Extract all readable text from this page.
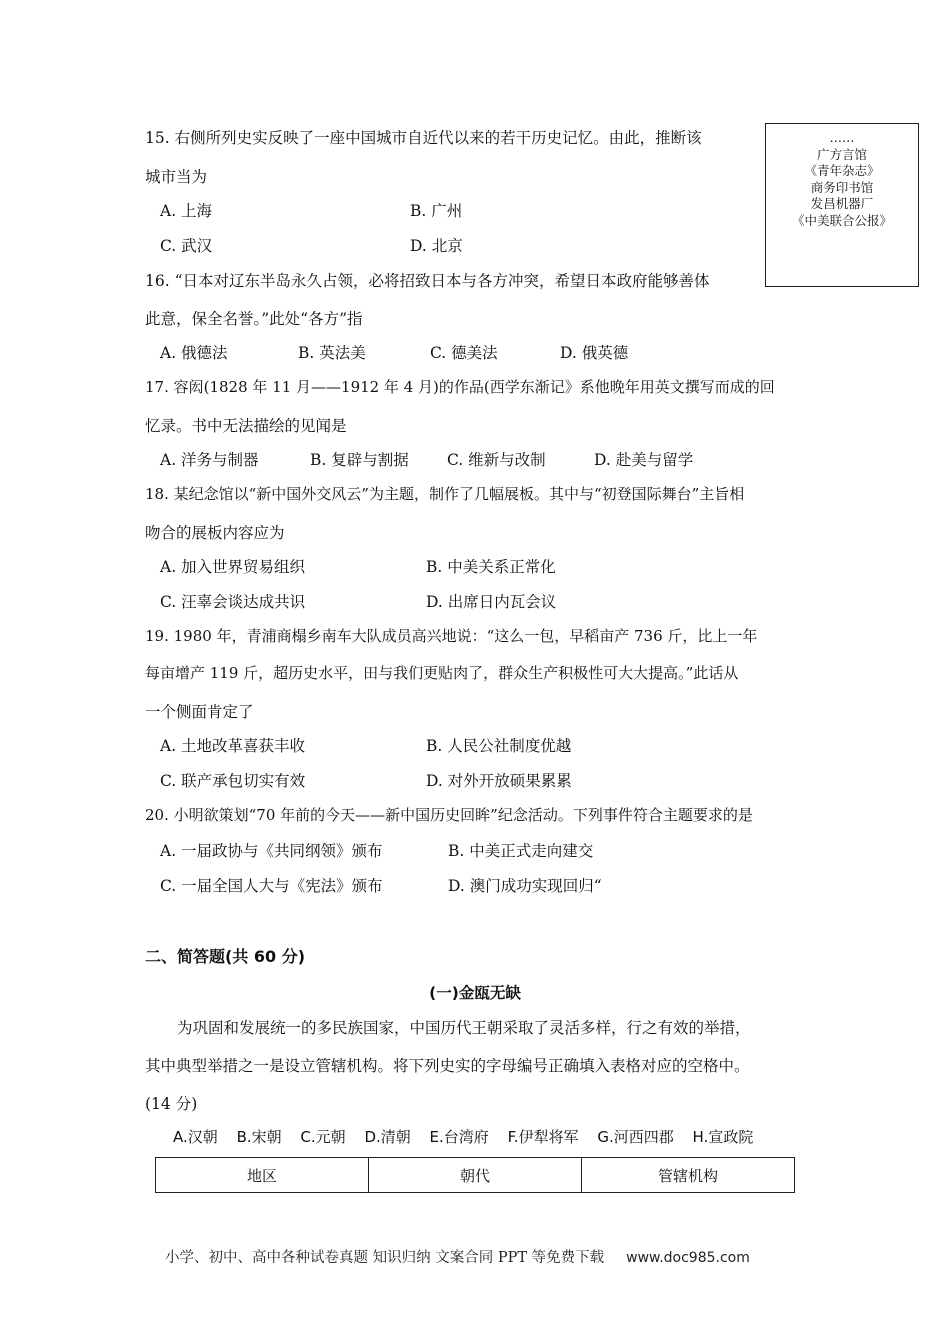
15. 右侧所列史实反映了一座中国城市自近代以来的若干历史记忆。由此，推断该
城市当为
A. 上海	B. 广州
C. 武汉	D. 北京
……
广方言馆
《青年杂志》
商务印书馆
发昌机器厂
《中美联合公报》
16. “日本对辽东半岛永久占领，必将招致日本与各方冲突，希望日本政府能够善体
此意，保全名誉。”此处“各方”指
A. 俄德法	B. 英法美	C. 德美法	D. 俄英德
17. 容闳(1828 年 11 月——1912 年 4 月)的作品(西学东渐记》系他晚年用英文撰写而成的回
忆录。书中无法描绘的见闻是
A. 洋务与制器	B. 复辟与割据 C. 维新与改制	D. 赴美与留学
18. 某纪念馆以“新中国外交风云”为主题，制作了几幅展板。其中与“初登国际舞台”主旨相
吻合的展板内容应为
A. 加入世界贸易组织	B. 中美关系正常化
C. 汪辜会谈达成共识	D. 出席日内瓦会议
19. 1980 年，青浦商榻乡南车大队成员高兴地说：“这么一包，早稻亩产 736 斤，比上一年
每亩增产 119 斤，超历史水平，田与我们更贴肉了，群众生产积极性可大大提高。”此话从
一个侧面肯定了
A. 土地改革喜获丰收	B. 人民公社制度优越
C. 联产承包切实有效	D. 对外开放硕果累累
20. 小明欲策划“70 年前的今天——新中国历史回眸”纪念活动。下列事件符合主题要求的是
A. 一届政协与《共同纲领》颁布	B. 中美正式走向建交
C. 一届全国人大与《宪法》颁布	D. 澳门成功实现回归“
二、简答题(共 60 分)
(一)金瓯无缺
为巩固和发展统一的多民族国家，中国历代王朝采取了灵活多样，行之有效的举措，
其中典型举措之一是设立管辖机构。将下列史实的字母编号正确填入表格对应的空格中。
(14 分)
A.汉朝 B.宋朝 C.元朝 D.清朝 E.台湾府 F.伊犁将军 G.河西四郡 H.宣政院
地区	朝代	管辖机构
小学、初中、高中各种试卷真题 知识归纳 文案合同 PPT 等免费下载 www.doc985.com
